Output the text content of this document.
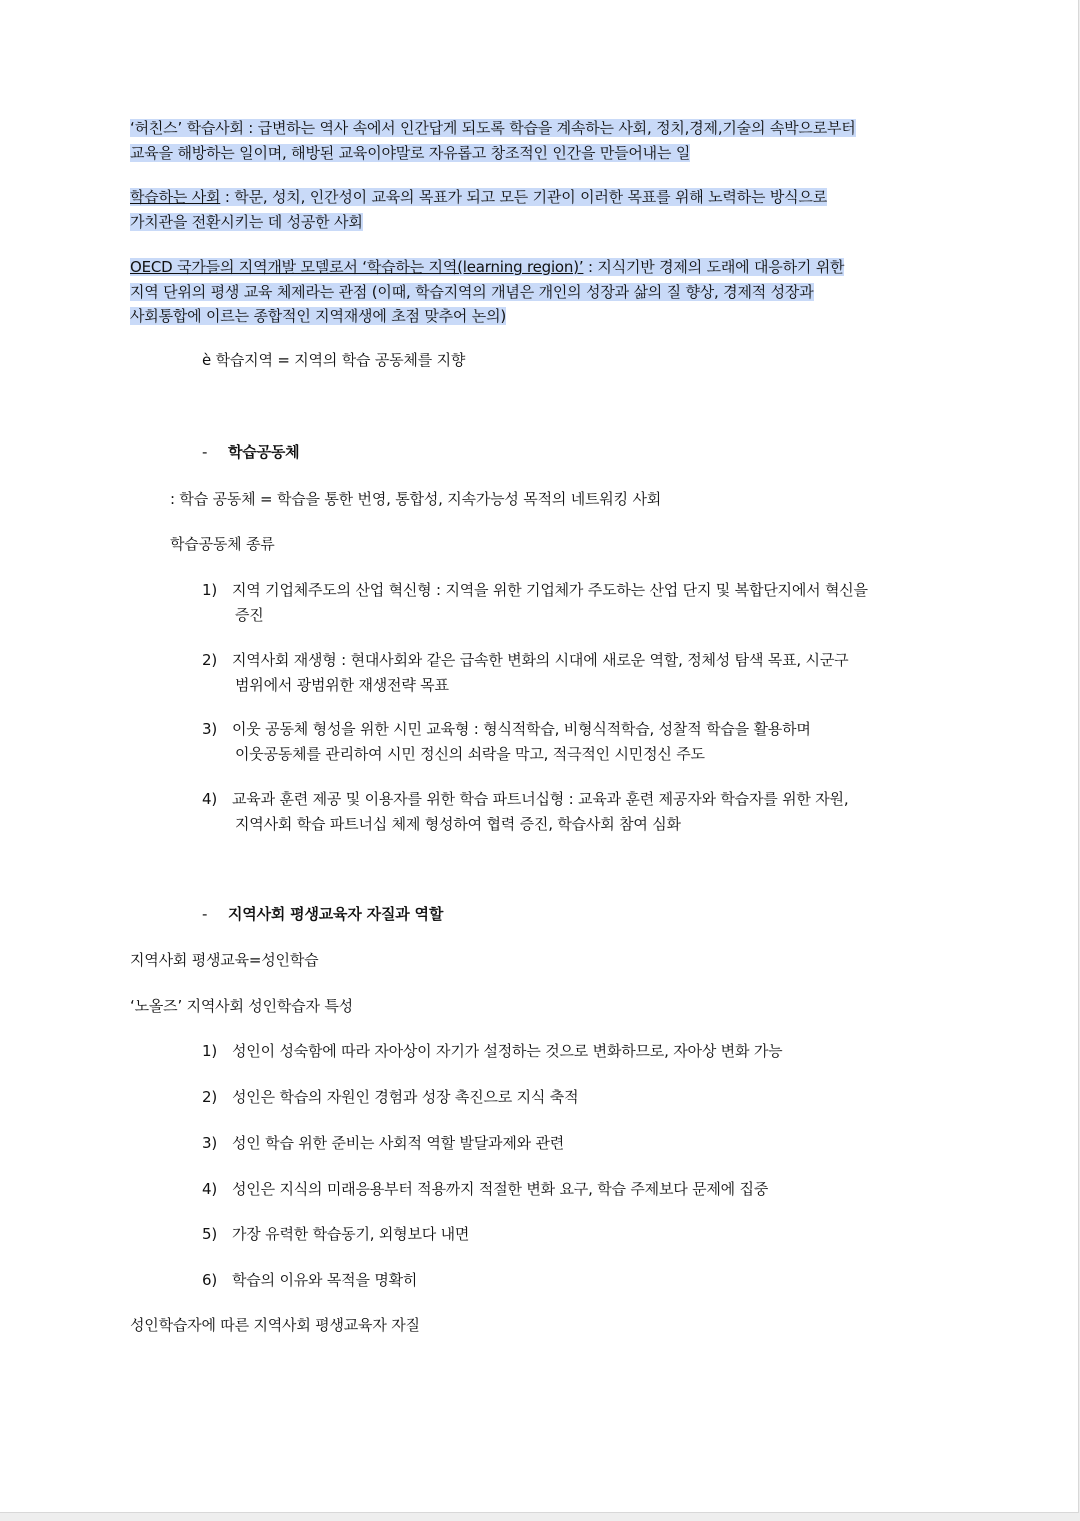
‘허친스’ 학습사회 : 급변하는 역사 속에서 인간답게 되도록 학습을 계속하는 사회, 정치,경제,기술의 속박으로부터
교육을 해방하는 일이며, 해방된 교육이야말로 자유롭고 창조적인 인간을 만들어내는 일
학습하는 사회 : 학문, 성치, 인간성이 교육의 목표가 되고 모든 기관이 이러한 목표를 위해 노력하는 방식으로
가치관을 전환시키는 데 성공한 사회
OECD 국가들의 지역개발 모델로서 ‘학습하는 지역(learning region)’ : 지식기반 경제의 도래에 대응하기 위한
지역 단위의 평생 교육 체제라는 관점 (이때, 학습지역의 개념은 개인의 성장과 삶의 질 향상, 경제적 성장과
사회통합에 이르는 종합적인 지역재생에 초점 맞추어 논의)
è 학습지역 = 지역의 학습 공동체를 지향
- 학습공동체
: 학습 공동체 = 학습을 통한 번영, 통합성, 지속가능성 목적의 네트워킹 사회
학습공동체 종류
1) 지역 기업체주도의 산업 혁신형 : 지역을 위한 기업체가 주도하는 산업 단지 및 복합단지에서 혁신을
증진
2) 지역사회 재생형 : 현대사회와 같은 급속한 변화의 시대에 새로운 역할, 정체성 탐색 목표, 시군구
범위에서 광범위한 재생전략 목표
3) 이웃 공동체 형성을 위한 시민 교육형 : 형식적학습, 비형식적학습, 성찰적 학습을 활용하며
이웃공동체를 관리하여 시민 정신의 쇠락을 막고, 적극적인 시민정신 주도
4) 교육과 훈련 제공 및 이용자를 위한 학습 파트너십형 : 교육과 훈련 제공자와 학습자를 위한 자원,
지역사회 학습 파트너십 체제 형성하여 협력 증진, 학습사회 참여 심화
- 지역사회 평생교육자 자질과 역할
지역사회 평생교육=성인학습
‘노올즈’ 지역사회 성인학습자 특성
1) 성인이 성숙함에 따라 자아상이 자기가 설정하는 것으로 변화하므로, 자아상 변화 가능
2) 성인은 학습의 자원인 경험과 성장 촉진으로 지식 축적
3) 성인 학습 위한 준비는 사회적 역할 발달과제와 관련
4) 성인은 지식의 미래응용부터 적용까지 적절한 변화 요구, 학습 주제보다 문제에 집중
5) 가장 유력한 학습동기, 외형보다 내면
6) 학습의 이유와 목적을 명확히
성인학습자에 따른 지역사회 평생교육자 자질
